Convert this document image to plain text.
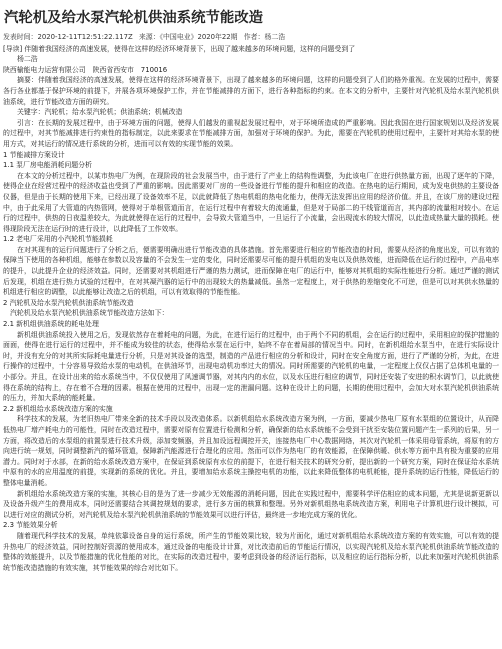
汽轮机及给水泵汽轮机供油系统节能改造
发表时间：2020-12-11T12:51:22.117Z 来源：《中国电业》2020年22期 作者：杨二浩

[导读] 伴随着我国经济的高速发展，使得在这样的经济环境背景下，出现了越来越多的环境问题，这样的问题受到了

杨二浩

陕西榆能电力运营有限公司　陕西省西安市　710016

摘要：伴随着我国经济的高速发展，使得在这样的经济环境背景下，出现了越来越多的环境问题，这样的问题受到了人们的格外重视。在发展的过程中，需要各行各业都基于保护环境的前提下，并展各项环境保护工作，并在节能减排的方面下，进行各种指标的约束。在本文的分析中，主要针对汽轮机及给水泵汽轮机供油系统，进行节能改造方面的研究。

关键字：汽轮机；给水泵汽轮机；供油系统；机械改造

引言：在长期的发展过程中，由于环境方面的问题，使得人们越发的重视起发展过程中，对于环境所造成的严重影响。因此我国在进行国家规划以及经济发展的过程中，对其节能减排进行约束性的指标制定，以此来要求在节能减排方面，加强对于环境的保护。为此，需要在汽轮机的使用过程中，主要针对其给水泵的使用方式，对其运行的情况进行系统的分析，进而可以有效的实现节能的效果。

1 节能减排方案设计
1.1 泵厂房电能消耗问题分析

在本文的分析过程中，以某市热电厂为例，在现阶段的社会发展当中，由于进行了产业上的结构性调整，为此该电厂在进行供热量方面，出现了逐年的下降，使得企业在经营过程中的经济收益也受到了严重的影响。因此需要对厂房的一些设备进行节能的提升和相应的改造。在热电的运行期间，成为发电供热的主要设备仪器，但是由于长期的使用下来，已经出现了设备效率不足，以此就降低了热电机组的热电化能力，使得无法发挥出应用的经济价值。并且，在该厂房的建设过程中，由于此采用了大管道的内热管网，使得对于单根管道而言，在运行过程中有着较大的流通量，但是对于局部二的干线管道而言，其内部的流量相对较小。在运行的过程中，供热的日夜温差较大，为此就使得在运行的过程中，会导致大管道当中，一旦运行了小流量，会出现流水的较大情况，以此造成热量大量的损耗。使得现阶段无法在运行时的进行设计，以此降低了工作效率。

1.2 老电厂采用的小汽轮机节能损耗

在对其现有的运行问题进行了分析之后，便需要明确出进行节能改造的具体措施。首先需要进行相应的节能改造的时间，需要从经济的角度出发，可以有效的保障当下使用的各种机组，能够在参数以及容量的不会发生一定的变化，同时还需要尽可能的提升机组的发电以及供热效能，进而降低在运行的过程中，产品电率的提升，以此提升企业的经济效益。同时，还需要对其机组进行严谨的热力测试，进而保障在电厂的运行中，能够对其机组的实际性能进行分析。通过严谨的测试后发现，机组在进行热力试验的过程中，在对其凝汽器的运行中的出现较大的热量减低。虽然一定程度上，对于供热的差缩变化不可逆，但是可以对其供水热量的机组进行相应的调整，以此能够让改造之后的机组，可以有效取得的节能性能。

2 汽轮机及给水泵汽轮机供油系统节能改造
汽轮机及给水泵汽轮机供油系统节能改造方法如下：
2.1 新机组供油系统的耗电处理

新机组供油系统投入使用之后，发现依然存在着耗电的问题，为此，在进行运行的过程中，由于两个不同的机组，会在运行的过程中，采用相应的保护措施的面面，使得在进行运行的过程中，并不能成为较佳的状态，使得给水泵在运行中，始终不存在着局部的情况当中。同时，在新机组给水泵当中，在进行实际设计时，并没有充分的对其所实际耗电量进行分析，只是对其设备的选型，制造的产品进行相应的分析和设计，同时在安全角度方面，进行了严谨的分析，为此，在进行操作的过程中，十分容易导致给水泵的电动机，在供油环节，出现电动机功率过大的情况。同时所需要的汽轮机的电量，一定程度上仅仅占据了总体机电量的一小部分。并且，在设计出来的给水系统当中，不仅仅使用了风速调节器，对其内内的水位，以及水压进行相应的调节，同时还安装了安进的积水调节门，以此就使得在系统的结构上，存在着不合理的因素。根据在使用的过程中，出现一定的泄漏问题。这种在设计上的问题，长期的使用过程中，会加大对水泵汽轮机供油系统的压力，并加大系统的能耗量。

2.2 新机组给水系统改造方案的实施

科学技术的发展，为老旧热电厂带来全新的技术手段以及改造体系。以新机组给水系统改造方案为例，一方面，要减少热电厂原有水泵组的位置设计，从而降低热电厂增产耗电力的可能性，同时在改造过程中，需要对原有位置进行检测和分析，确保新的给水系统能不会受到干扰至安装位置问题产生一系列的后果，另一方面，将改造后的水泵组的前置泵进行技术升级，添加变频器，并且加设远程调控开关，连接热电厂中心数据网络，其次对汽轮机一体采用母管系统，将原有的方向进行统一规划，同时调整新汽的循环管道，保障新汽能源进行合理化的应用。然而可以作为热电厂的有效能源，在保障供暖、供水等方面中具有极为重要的应用潜力。同时对于水部，在新的给水系统改造方案中，在保证到系统原有水位的前提下，在进行相关技术的研究分析，提出新的一个研究方案，同时在保证给水系统中原有的水的应用温度的前提，实现新的系统的优化。并且，要增加给水系统主操控电机的功能，以此来降低整体的电机耗能，提升系统的运行性能，降低运行的整体电量消耗。

新机组给水系统改造方案的实施，其核心目的是为了进一步减少无效能源的消耗问题，因此在实践过程中，需要科学评估相应的成本问题，尤其是说新更新以及设备升级产生的费用成本，同时还需要结合其调控规划的要求，进行多方面的核算和整理。另外对新机组热电系统改造方案，利用电子计算机进行设计模拟，可以进行对应的测试分析，对汽轮机及给水泵汽轮机供油系统的节能效果可以进行评估，最终进一步地完成方案的优化。

2.3 节能效果分析

随着现代科学技术的发展，单纯依靠设备自身的运行系统，所产生的节能效果比较，较为片面化，通过对新机组给水系统改造方案的有效实施，可以有效的提升热电厂的经济效益，同时控制好资源的使用成本，通过设备的电能设计计算，对比改造前后的节能运行情况，以实现汽轮机及给水泵汽轮机供油系统节能改造的整体的效能提升，以及节能措施的优化性能的对比，在实际的改造过程中，要考虑到设备的经济运行指标，以及相应的运行指标分析，以此来加强对汽轮机供油系统节能改造措施的有效实施，其节能效果的综合对比如下。
